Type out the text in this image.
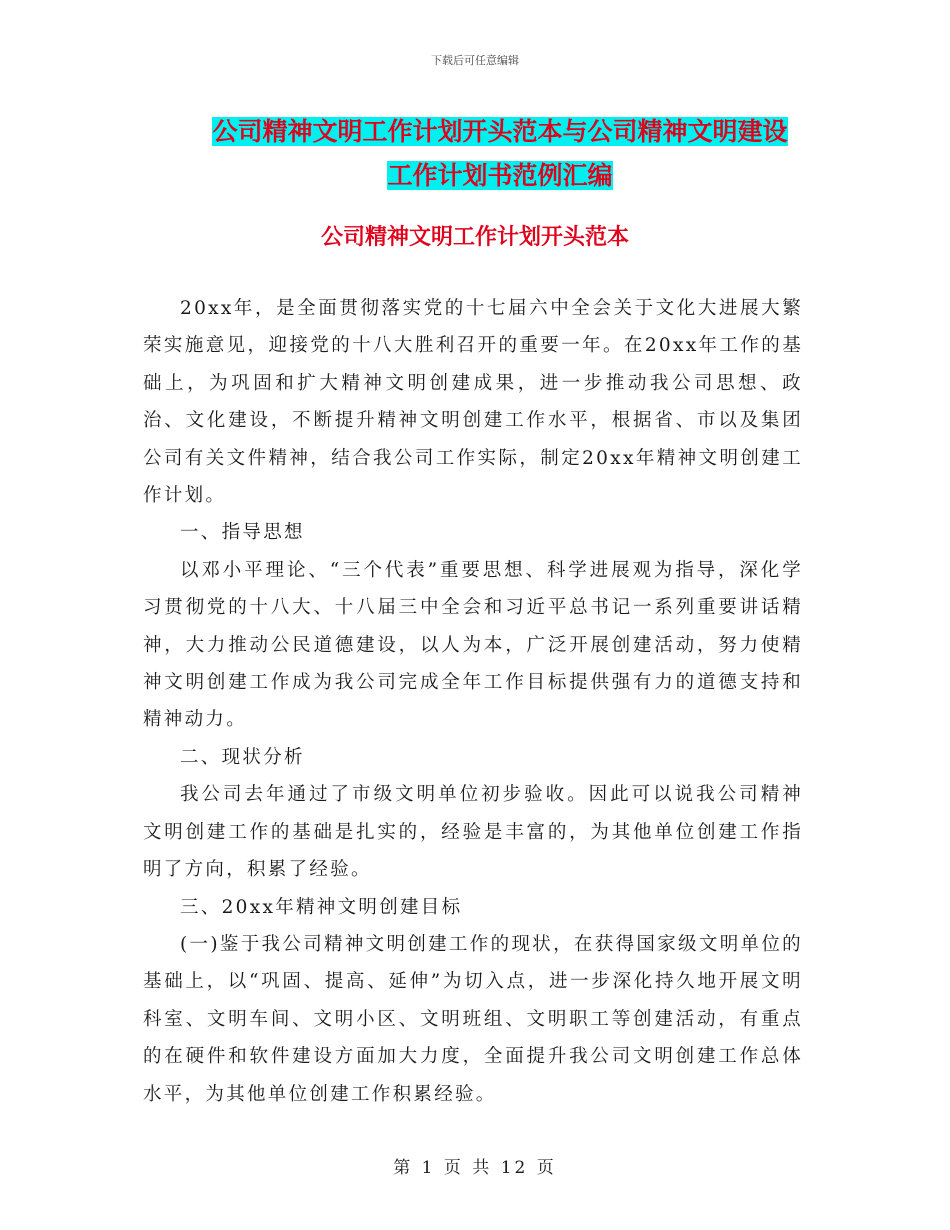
下载后可任意编辑
公司精神文明工作计划开头范本与公司精神文明建设
工作计划书范例汇编
公司精神文明工作计划开头范本

20xx年，是全面贯彻落实党的十七届六中全会关于文化大进展大繁荣实施意见，迎接党的十八大胜利召开的重要一年。在20xx年工作的基础上，为巩固和扩大精神文明创建成果，进一步推动我公司思想、政治、文化建设，不断提升精神文明创建工作水平，根据省、市以及集团公司有关文件精神，结合我公司工作实际，制定20xx年精神文明创建工作计划。

一、指导思想

以邓小平理论、“三个代表”重要思想、科学进展观为指导，深化学习贯彻党的十八大、十八届三中全会和习近平总书记一系列重要讲话精神，大力推动公民道德建设，以人为本，广泛开展创建活动，努力使精神文明创建工作成为我公司完成全年工作目标提供强有力的道德支持和精神动力。

二、现状分析

我公司去年通过了市级文明单位初步验收。因此可以说我公司精神文明创建工作的基础是扎实的，经验是丰富的，为其他单位创建工作指明了方向，积累了经验。

三、20xx年精神文明创建目标

(一)鉴于我公司精神文明创建工作的现状，在获得国家级文明单位的基础上，以“巩固、提高、延伸”为切入点，进一步深化持久地开展文明科室、文明车间、文明小区、文明班组、文明职工等创建活动，有重点的在硬件和软件建设方面加大力度，全面提升我公司文明创建工作总体水平，为其他单位创建工作积累经验。

第 1 页 共 12 页
